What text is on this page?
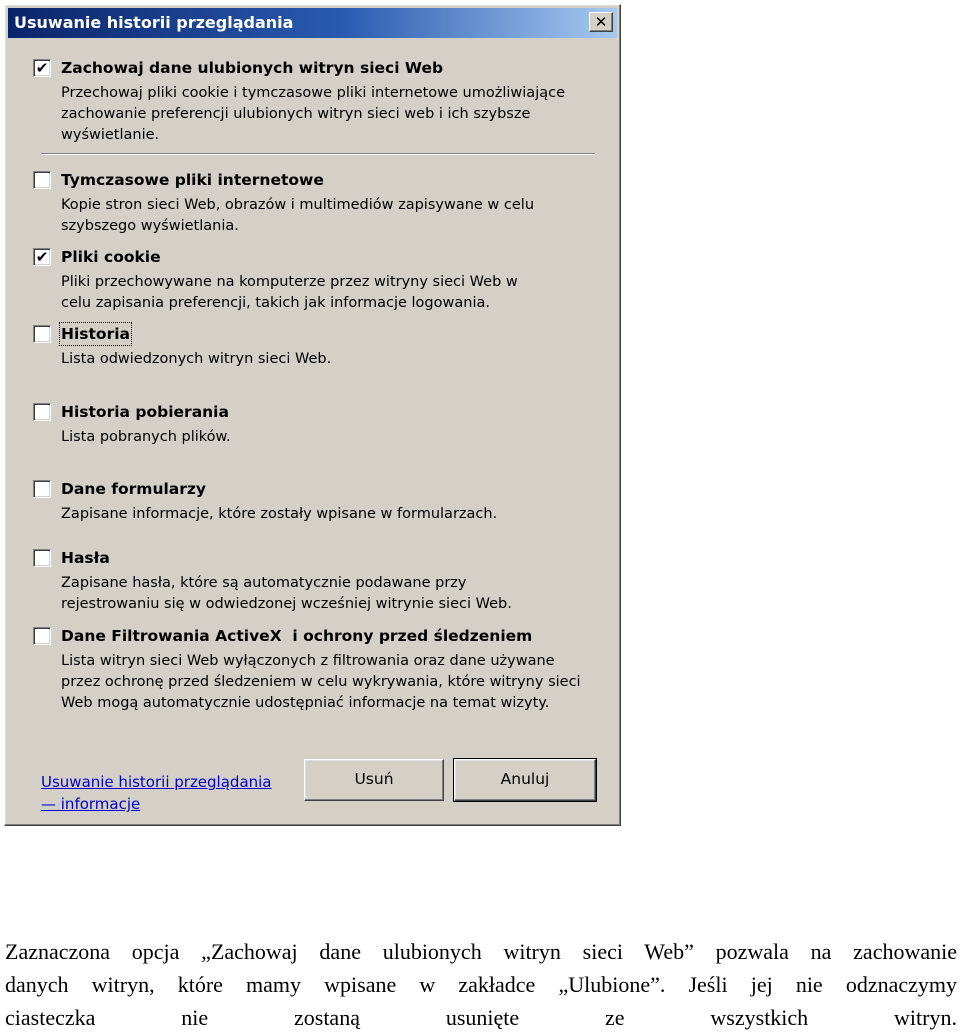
Usuwanie historii przeglądania	✕
✔ Zachowaj dane ulubionych witryn sieci Web
Przechowaj pliki cookie i tymczasowe pliki internetowe umożliwiające
zachowanie preferencji ulubionych witryn sieci web i ich szybsze
wyświetlanie.
Tymczasowe pliki internetowe
Kopie stron sieci Web, obrazów i multimediów zapisywane w celu
szybszego wyświetlania.
✔ Pliki cookie
Pliki przechowywane na komputerze przez witryny sieci Web w
celu zapisania preferencji, takich jak informacje logowania.
Historia
Lista odwiedzonych witryn sieci Web.
Historia pobierania
Lista pobranych plików.
Dane formularzy
Zapisane informacje, które zostały wpisane w formularzach.
Hasła
Zapisane hasła, które są automatycznie podawane przy
rejestrowaniu się w odwiedzonej wcześniej witrynie sieci Web.
Dane Filtrowania ActiveX  i ochrony przed śledzeniem
Lista witryn sieci Web wyłączonych z filtrowania oraz dane używane
przez ochronę przed śledzeniem w celu wykrywania, które witryny sieci
Web mogą automatycznie udostępniać informacje na temat wizyty.
Usuwanie historii przeglądania
— informacje
Usuń	Anuluj
Zaznaczona opcja „Zachowaj dane ulubionych witryn sieci Web” pozwala na zachowanie
danych witryn, które mamy wpisane w zakładce „Ulubione”. Jeśli jej nie odznaczymy
ciasteczka nie zostaną usunięte ze wszystkich witryn.
